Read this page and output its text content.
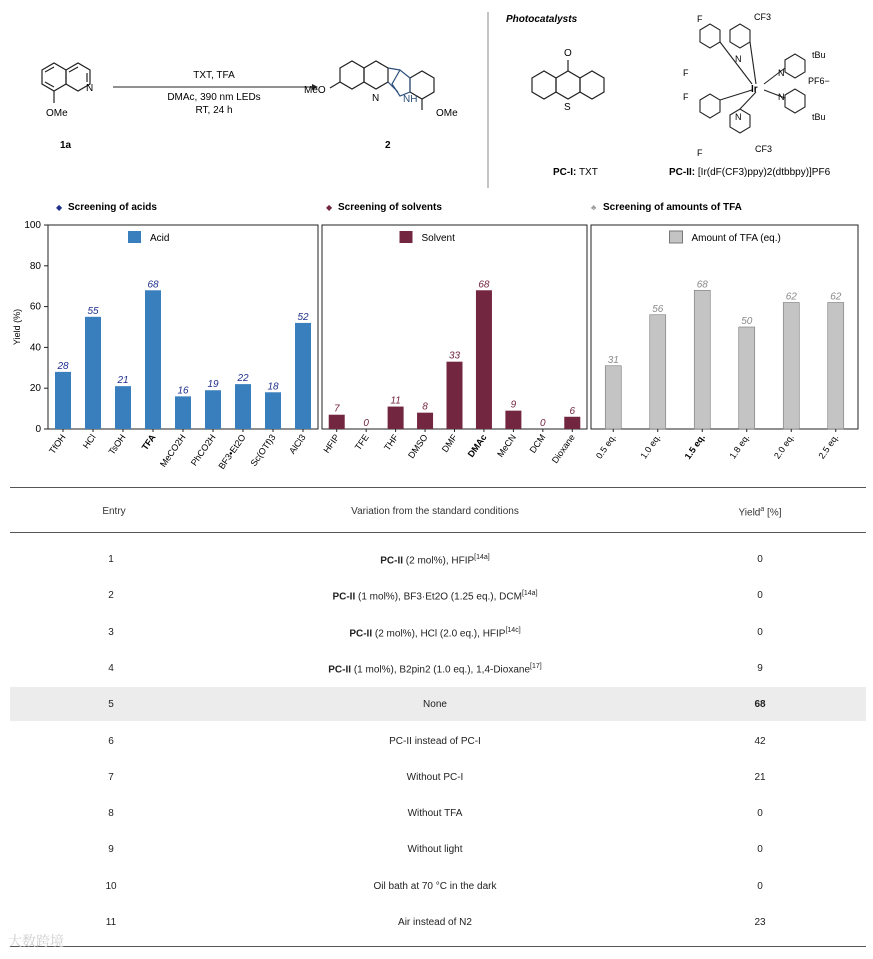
N
OMe
1a
TXT, TFA
DMAc, 390 nm LEDs
RT, 24 h
N NH
MeO
OMe
2
Photocatalysts
O
S
PC-I: TXT
F
F
F
F
CF3
CF3
N
N
N
N
Ir
tBu
tBu
PF6−
PC-II: [Ir(dF(CF3)ppy)2(dtbbpy)]PF6
Yield (%)
0
20
40
60
80
100
◆ Screening of acids
Acid
28
TfOH
55
HCl
21
TsOH
68
TFA
16
MeCO2H
19
PhCO2H
22
BF3•Et2O
18
Sc(OTf)3
52
AlCl3
◆ Screening of solvents
Solvent
7
HFIP
0
TFE
11
THF
8
DMSO
33
DMF
68
DMAc
9
MeCN
0
DCM
6
Dioxane
♣ Screening of amounts of TFA
Amount of TFA (eq.)
31
0.5 eq.
56
1.0 eq.
68
1.5 eq.
50
1.8 eq.
62
2.0 eq.
62
2.5 eq.
Entry	Variation from the standard conditions	Yield$^a$ [%]
1	PC-II (2 mol%), HFIP[14a]	0
2	PC-II (1 mol%), BF3·Et2O (1.25 eq.), DCM[14a]	0
3	PC-II (2 mol%), HCl (2.0 eq.), HFIP[14c]	0
4	PC-II (1 mol%), B2pin2 (1.0 eq.), 1,4-Dioxane[17]	9
5	None	68
6	PC-II instead of PC-I	42
7	Without PC-I	21
8	Without TFA	0
9	Without light	0
10	Oil bath at 70 °C in the dark	0
11	Air instead of N2	23
大数跨境
